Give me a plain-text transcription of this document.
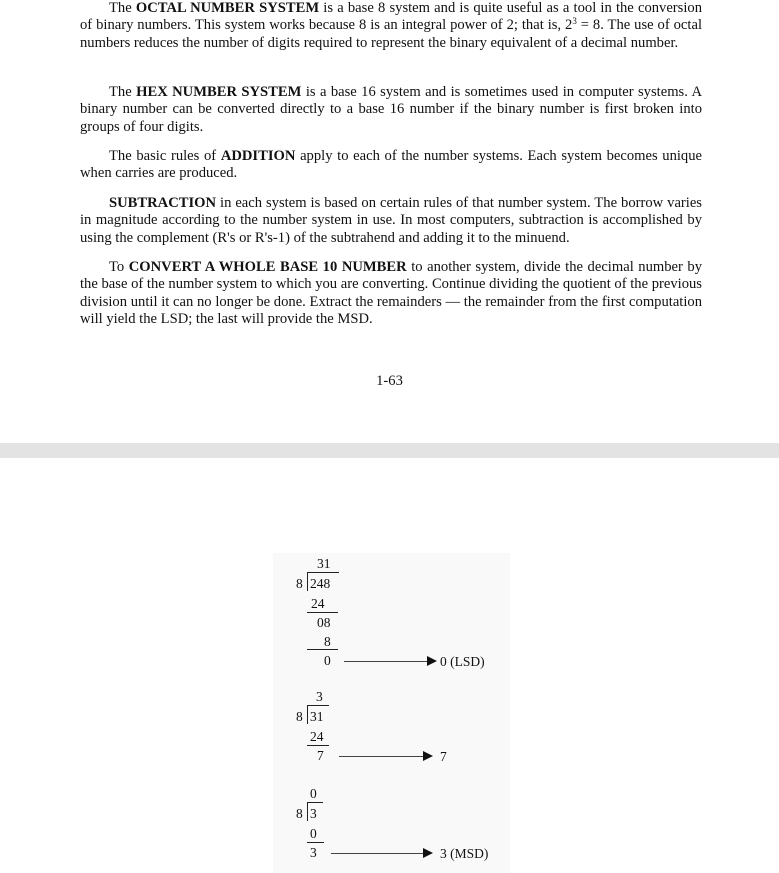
The OCTAL NUMBER SYSTEM is a base 8 system and is quite useful as a tool in the conversion of binary numbers. This system works because 8 is an integral power of 2; that is, $2^3 = 8$. The use of octal numbers reduces the number of digits required to represent the binary equivalent of a decimal number.

The HEX NUMBER SYSTEM is a base 16 system and is sometimes used in computer systems. A binary number can be converted directly to a base 16 number if the binary number is first broken into groups of four digits.

The basic rules of ADDITION apply to each of the number systems. Each system becomes unique when carries are produced.

SUBTRACTION in each system is based on certain rules of that number system. The borrow varies in magnitude according to the number system in use. In most computers, subtraction is accomplished by using the complement (R's or R's-1) of the subtrahend and adding it to the minuend.

To CONVERT A WHOLE BASE 10 NUMBER to another system, divide the decimal number by the base of the number system to which you are converting. Continue dividing the quotient of the previous division until it can no longer be done. Extract the remainders — the remainder from the first computation will yield the LSD; the last will provide the MSD.

1-63
31
8 248
24
08
8
0	0 (LSD)
3
8 31
24
7	7
0
8 3
0
3	3 (MSD)
